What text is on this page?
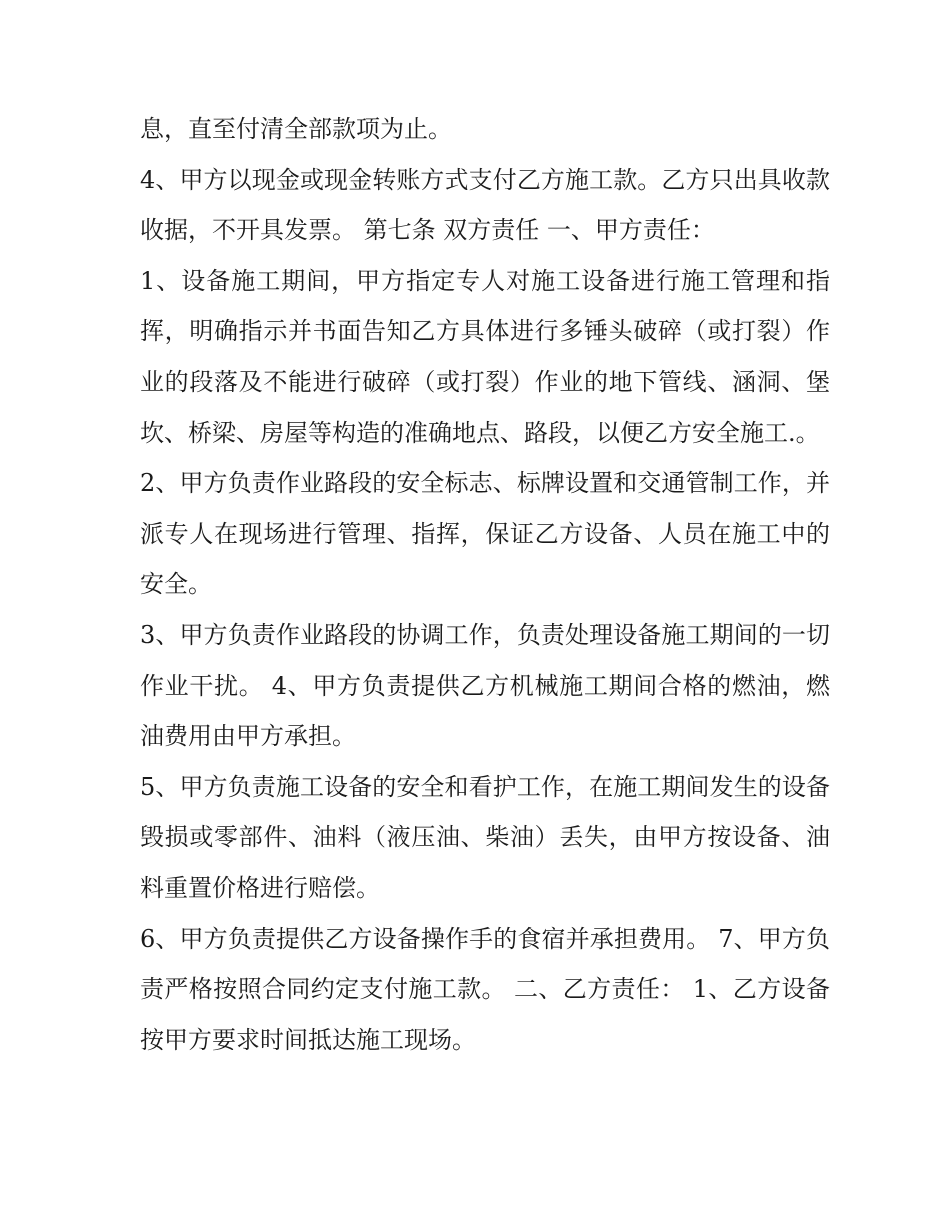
息，直至付清全部款项为止。

4、甲方以现金或现金转账方式支付乙方施工款。乙方只出具收款收据，不开具发票。 第七条 双方责任 一、甲方责任：

1、设备施工期间，甲方指定专人对施工设备进行施工管理和指挥，明确指示并书面告知乙方具体进行多锤头破碎（或打裂）作业的段落及不能进行破碎（或打裂）作业的地下管线、涵洞、堡坎、桥梁、房屋等构造的准确地点、路段，以便乙方安全施工.。

2、甲方负责作业路段的安全标志、标牌设置和交通管制工作，并派专人在现场进行管理、指挥，保证乙方设备、人员在施工中的安全。

3、甲方负责作业路段的协调工作，负责处理设备施工期间的一切作业干扰。 4、甲方负责提供乙方机械施工期间合格的燃油，燃油费用由甲方承担。

5、甲方负责施工设备的安全和看护工作，在施工期间发生的设备毁损或零部件、油料（液压油、柴油）丢失，由甲方按设备、油料重置价格进行赔偿。

6、甲方负责提供乙方设备操作手的食宿并承担费用。 7、甲方负责严格按照合同约定支付施工款。 二、乙方责任： 1、乙方设备按甲方要求时间抵达施工现场。
